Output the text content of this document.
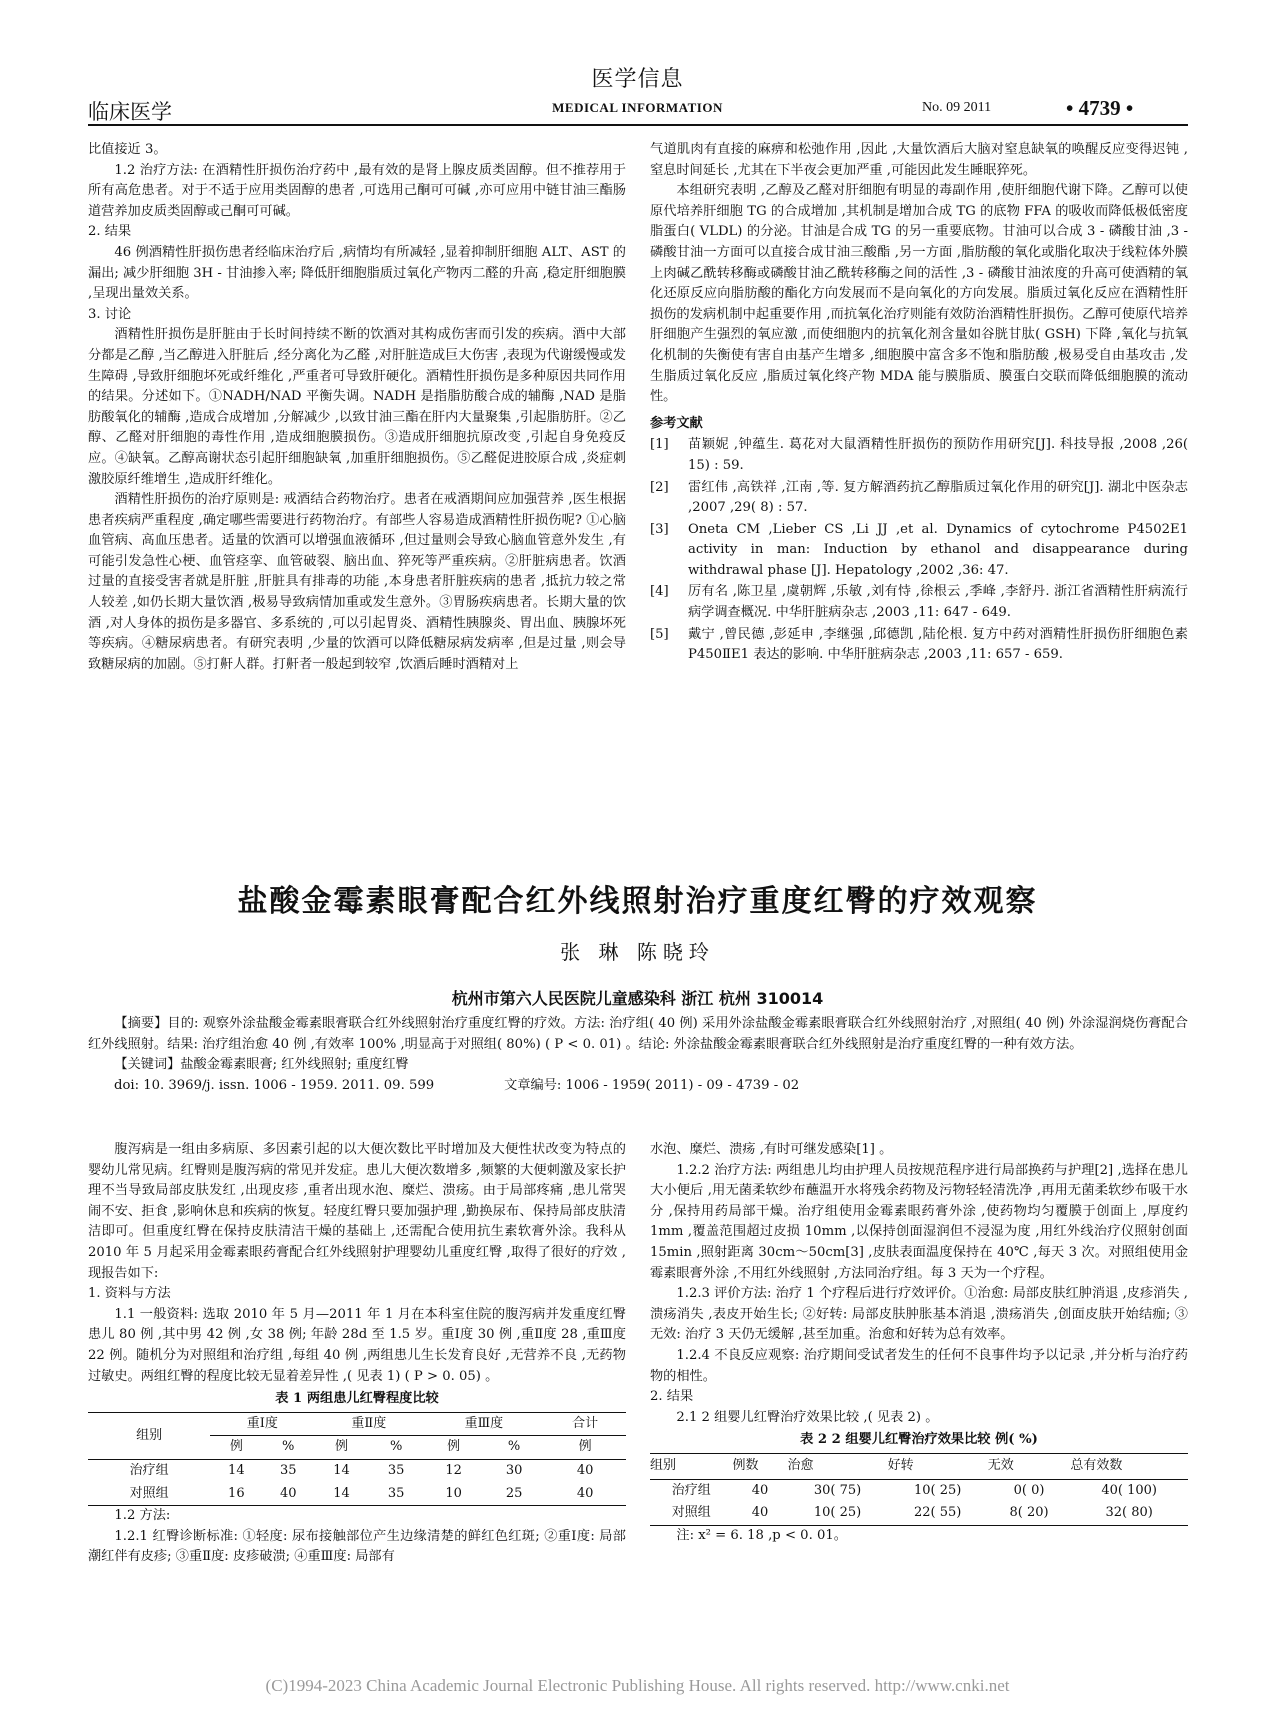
医学信息
临床医学	MEDICAL INFORMATION	No. 09 2011	• 4739 •

比值接近 3。

1.2 治疗方法: 在酒精性肝损伤治疗药中 ,最有效的是肾上腺皮质类固醇。但不推荐用于所有高危患者。对于不适于应用类固醇的患者 ,可选用己酮可可碱 ,亦可应用中链甘油三酯肠道营养加皮质类固醇或己酮可可碱。

2. 结果

46 例酒精性肝损伤患者经临床治疗后 ,病情均有所减轻 ,显着抑制肝细胞 ALT、AST 的漏出; 减少肝细胞 3H - 甘油掺入率; 降低肝细胞脂质过氧化产物丙二醛的升高 ,稳定肝细胞膜 ,呈现出量效关系。

3. 讨论

酒精性肝损伤是肝脏由于长时间持续不断的饮酒对其构成伤害而引发的疾病。酒中大部分都是乙醇 ,当乙醇进入肝脏后 ,经分离化为乙醛 ,对肝脏造成巨大伤害 ,表现为代谢缓慢或发生障碍 ,导致肝细胞坏死或纤维化 ,严重者可导致肝硬化。酒精性肝损伤是多种原因共同作用的结果。分述如下。①NADH/NAD 平衡失调。NADH 是指脂肪酸合成的辅酶 ,NAD 是脂肪酸氧化的辅酶 ,造成合成增加 ,分解减少 ,以致甘油三酯在肝内大量聚集 ,引起脂肪肝。②乙醇、乙醛对肝细胞的毒性作用 ,造成细胞膜损伤。③造成肝细胞抗原改变 ,引起自身免疫反应。④缺氧。乙醇高谢状态引起肝细胞缺氧 ,加重肝细胞损伤。⑤乙醛促进胶原合成 ,炎症刺激胶原纤维增生 ,造成肝纤维化。

酒精性肝损伤的治疗原则是: 戒酒结合药物治疗。患者在戒酒期间应加强营养 ,医生根据患者疾病严重程度 ,确定哪些需要进行药物治疗。有部些人容易造成酒精性肝损伤呢? ①心脑血管病、高血压患者。适量的饮酒可以增强血液循环 ,但过量则会导致心脑血管意外发生 ,有可能引发急性心梗、血管痉挛、血管破裂、脑出血、猝死等严重疾病。②肝脏病患者。饮酒过量的直接受害者就是肝脏 ,肝脏具有排毒的功能 ,本身患者肝脏疾病的患者 ,抵抗力较之常人较差 ,如仍长期大量饮酒 ,极易导致病情加重或发生意外。③胃肠疾病患者。长期大量的饮酒 ,对人身体的损伤是多器官、多系统的 ,可以引起胃炎、酒精性胰腺炎、胃出血、胰腺坏死等疾病。④糖尿病患者。有研究表明 ,少量的饮酒可以降低糖尿病发病率 ,但是过量 ,则会导致糖尿病的加剧。⑤打鼾人群。打鼾者一般起到较窄 ,饮酒后睡时酒精对上

气道肌肉有直接的麻痹和松弛作用 ,因此 ,大量饮酒后大脑对窒息缺氧的唤醒反应变得迟钝 ,窒息时间延长 ,尤其在下半夜会更加严重 ,可能因此发生睡眠猝死。

本组研究表明 ,乙醇及乙醛对肝细胞有明显的毒副作用 ,使肝细胞代谢下降。乙醇可以使原代培养肝细胞 TG 的合成增加 ,其机制是增加合成 TG 的底物 FFA 的吸收而降低极低密度脂蛋白( VLDL) 的分泌。甘油是合成 TG 的另一重要底物。甘油可以合成 3 - 磷酸甘油 ,3 - 磷酸甘油一方面可以直接合成甘油三酸酯 ,另一方面 ,脂肪酸的氧化或脂化取决于线粒体外膜上肉碱乙酰转移酶或磷酸甘油乙酰转移酶之间的活性 ,3 - 磷酸甘油浓度的升高可使酒精的氧化还原反应向脂肪酸的酯化方向发展而不是向氧化的方向发展。脂质过氧化反应在酒精性肝损伤的发病机制中起重要作用 ,而抗氧化治疗则能有效防治酒精性肝损伤。乙醇可使原代培养肝细胞产生强烈的氧应激 ,而使细胞内的抗氧化剂含量如谷胱甘肽( GSH) 下降 ,氧化与抗氧化机制的失衡使有害自由基产生增多 ,细胞膜中富含多不饱和脂肪酸 ,极易受自由基攻击 ,发生脂质过氧化反应 ,脂质过氧化终产物 MDA 能与膜脂质、膜蛋白交联而降低细胞膜的流动性。

参考文献

[1]	苗颖妮 ,钟蕴生. 葛花对大鼠酒精性肝损伤的预防作用研究[J]. 科技导报 ,2008 ,26( 15) : 59.
[2]	雷红伟 ,高铁祥 ,江南 ,等. 复方解酒药抗乙醇脂质过氧化作用的研究[J]. 湖北中医杂志 ,2007 ,29( 8) : 57.
[3]	Oneta CM ,Lieber CS ,Li JJ ,et al. Dynamics of cytochrome P4502E1 activity in man: Induction by ethanol and disappearance during withdrawal phase [J]. Hepatology ,2002 ,36: 47.
[4]	厉有名 ,陈卫星 ,虞朝辉 ,乐敏 ,刘有恃 ,徐根云 ,季峰 ,李舒丹. 浙江省酒精性肝病流行病学调查概况. 中华肝脏病杂志 ,2003 ,11: 647 - 649.
[5]	戴宁 ,曾民德 ,彭延申 ,李继强 ,邱德凯 ,陆伦根. 复方中药对酒精性肝损伤肝细胞色素 P450ⅡE1 表达的影响. 中华肝脏病杂志 ,2003 ,11: 657 - 659.
盐酸金霉素眼膏配合红外线照射治疗重度红臀的疗效观察
张 琳 陈晓玲
杭州市第六人民医院儿童感染科 浙江 杭州 310014

【摘要】目的: 观察外涂盐酸金霉素眼膏联合红外线照射治疗重度红臀的疗效。方法: 治疗组( 40 例) 采用外涂盐酸金霉素眼膏联合红外线照射治疗 ,对照组( 40 例) 外涂湿润烧伤膏配合红外线照射。结果: 治疗组治愈 40 例 ,有效率 100% ,明显高于对照组( 80%) ( P < 0. 01) 。结论: 外涂盐酸金霉素眼膏联合红外线照射是治疗重度红臀的一种有效方法。

【关键词】盐酸金霉素眼膏; 红外线照射; 重度红臀

doi: 10. 3969/j. issn. 1006 - 1959. 2011. 09. 599	文章编号: 1006 - 1959( 2011) - 09 - 4739 - 02

腹泻病是一组由多病原、多因素引起的以大便次数比平时增加及大便性状改变为特点的婴幼儿常见病。红臀则是腹泻病的常见并发症。患儿大便次数增多 ,频繁的大便刺激及家长护理不当导致局部皮肤发红 ,出现皮疹 ,重者出现水泡、糜烂、溃疡。由于局部疼痛 ,患儿常哭闹不安、拒食 ,影响休息和疾病的恢复。轻度红臀只要加强护理 ,勤换尿布、保持局部皮肤清洁即可。但重度红臀在保持皮肤清洁干燥的基础上 ,还需配合使用抗生素软膏外涂。我科从 2010 年 5 月起采用金霉素眼药膏配合红外线照射护理婴幼儿重度红臀 ,取得了很好的疗效 ,现报告如下:

1. 资料与方法

1.1 一般资料: 选取 2010 年 5 月—2011 年 1 月在本科室住院的腹泻病并发重度红臀患儿 80 例 ,其中男 42 例 ,女 38 例; 年龄 28d 至 1.5 岁。重Ⅰ度 30 例 ,重Ⅱ度 28 ,重Ⅲ度 22 例。随机分为对照组和治疗组 ,每组 40 例 ,两组患儿生长发育良好 ,无营养不良 ,无药物过敏史。两组红臀的程度比较无显着差异性 ,( 见表 1) ( P > 0. 05) 。

表 1 两组患儿红臀程度比较
组别	重Ⅰ度		重Ⅱ度		重Ⅲ度		合计
	例	%	例	%	例	%	例
治疗组	14	35	14	35	12	30	40
对照组	16	40	14	35	10	25	40

1.2 方法:

1.2.1 红臀诊断标准: ①轻度: 尿布接触部位产生边缘清楚的鲜红色红斑; ②重Ⅰ度: 局部潮红伴有皮疹; ③重Ⅱ度: 皮疹破溃; ④重Ⅲ度: 局部有

水泡、糜烂、溃疡 ,有时可继发感染[1] 。

1.2.2 治疗方法: 两组患儿均由护理人员按规范程序进行局部换药与护理[2] ,选择在患儿大小便后 ,用无菌柔软纱布蘸温开水将残余药物及污物轻轻清洗净 ,再用无菌柔软纱布吸干水分 ,保持用药局部干燥。治疗组使用金霉素眼药膏外涂 ,使药物均匀覆膜于创面上 ,厚度约 1mm ,覆盖范围超过皮损 10mm ,以保持创面湿润但不浸湿为度 ,用红外线治疗仪照射创面 15min ,照射距离 30cm～50cm[3] ,皮肤表面温度保持在 40℃ ,每天 3 次。对照组使用金霉素眼膏外涂 ,不用红外线照射 ,方法同治疗组。每 3 天为一个疗程。

1.2.3 评价方法: 治疗 1 个疗程后进行疗效评价。①治愈: 局部皮肤红肿消退 ,皮疹消失 ,溃疡消失 ,表皮开始生长; ②好转: 局部皮肤肿胀基本消退 ,溃疡消失 ,创面皮肤开始结痂; ③无效: 治疗 3 天仍无缓解 ,甚至加重。治愈和好转为总有效率。

1.2.4 不良反应观察: 治疗期间受试者发生的任何不良事件均予以记录 ,并分析与治疗药物的相性。

2. 结果

2.1 2 组婴儿红臀治疗效果比较 ,( 见表 2) 。

表 2 2 组婴儿红臀治疗效果比较 例( %)
组别	例数	治愈	好转	无效	总有效数
治疗组	40	30( 75)	10( 25)	0( 0)	40( 100)
对照组	40	10( 25)	22( 55)	8( 20)	32( 80)

注: x² = 6. 18 ,p < 0. 01。

(C)1994-2023 China Academic Journal Electronic Publishing House. All rights reserved. http://www.cnki.net
